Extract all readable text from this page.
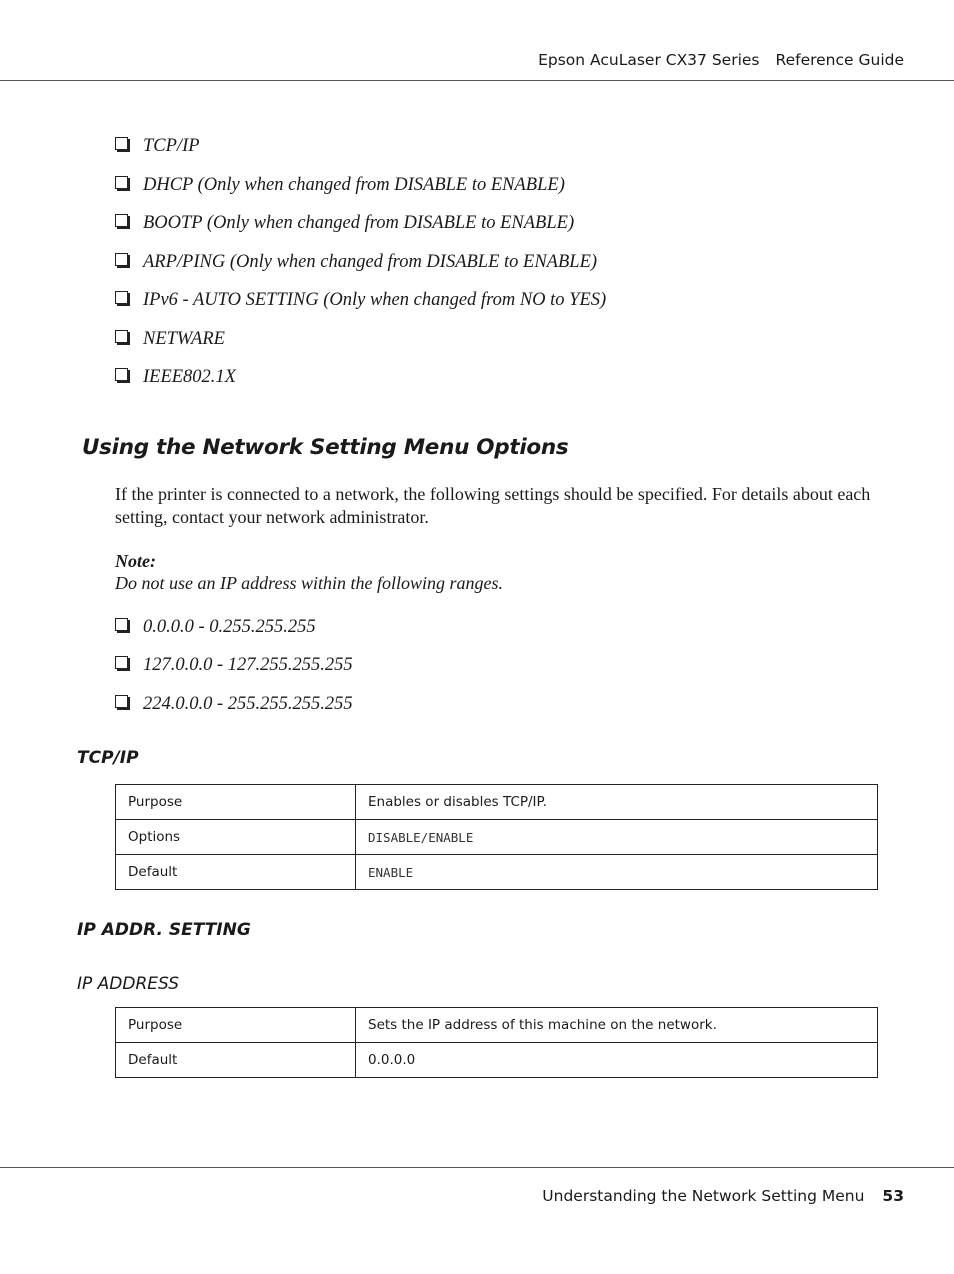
Epson AcuLaser CX37 Series Reference Guide
TCP/IP
DHCP (Only when changed from DISABLE to ENABLE)
BOOTP (Only when changed from DISABLE to ENABLE)
ARP/PING (Only when changed from DISABLE to ENABLE)
IPv6 - AUTO SETTING (Only when changed from NO to YES)
NETWARE
IEEE802.1X
Using the Network Setting Menu Options
If the printer is connected to a network, the following settings should be specified. For details about each setting, contact your network administrator.
Note:
Do not use an IP address within the following ranges.
0.0.0.0 - 0.255.255.255
127.0.0.0 - 127.255.255.255
224.0.0.0 - 255.255.255.255
TCP/IP
Purpose	Enables or disables TCP/IP.
Options	DISABLE/ENABLE
Default	ENABLE
IP ADDR. SETTING
IP ADDRESS
Purpose	Sets the IP address of this machine on the network.
Default	0.0.0.0
Understanding the Network Setting Menu 53
